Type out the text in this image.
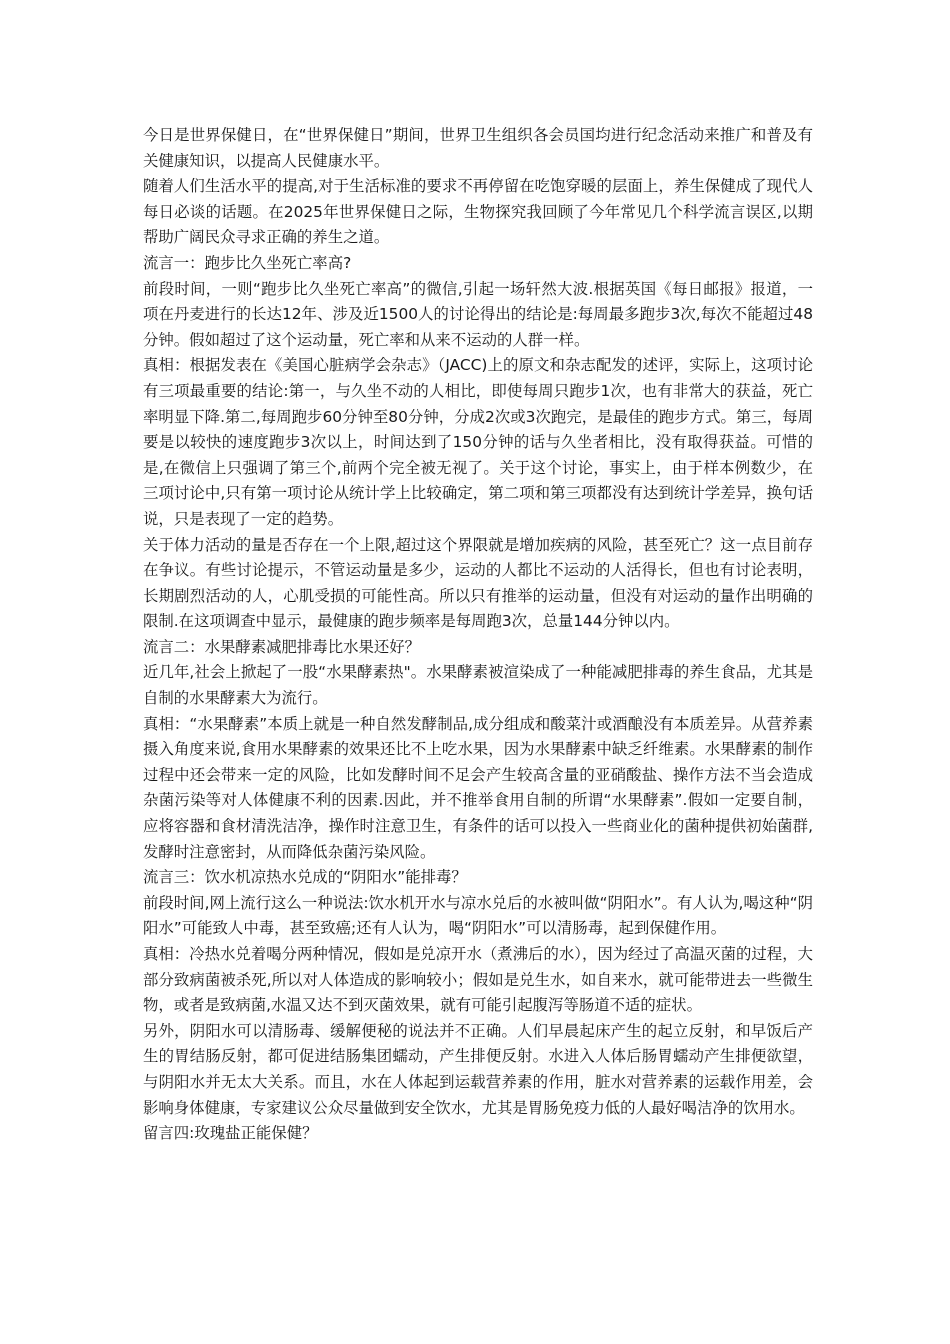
今日是世界保健日，在“世界保健日”期间，世界卫生组织各会员国均进行纪念活动来推广和普及有关健康知识，以提高人民健康水平。

随着人们生活水平的提高,对于生活标准的要求不再停留在吃饱穿暖的层面上，养生保健成了现代人每日必谈的话题。在2025年世界保健日之际，生物探究我回顾了今年常见几个科学流言误区,以期帮助广阔民众寻求正确的养生之道。

流言一：跑步比久坐死亡率高?

前段时间，一则“跑步比久坐死亡率高”的微信,引起一场轩然大波.根据英国《每日邮报》报道，一项在丹麦进行的长达12年、涉及近1500人的讨论得出的结论是:每周最多跑步3次,每次不能超过48分钟。假如超过了这个运动量，死亡率和从来不运动的人群一样。

真相：根据发表在《美国心脏病学会杂志》（JACC)上的原文和杂志配发的述评，实际上，这项讨论有三项最重要的结论:第一，与久坐不动的人相比，即使每周只跑步1次，也有非常大的获益，死亡率明显下降.第二,每周跑步60分钟至80分钟，分成2次或3次跑完，是最佳的跑步方式。第三，每周要是以较快的速度跑步3次以上，时间达到了150分钟的话与久坐者相比，没有取得获益。可惜的是,在微信上只强调了第三个,前两个完全被无视了。关于这个讨论，事实上，由于样本例数少，在三项讨论中,只有第一项讨论从统计学上比较确定，第二项和第三项都没有达到统计学差异，换句话说，只是表现了一定的趋势。

关于体力活动的量是否存在一个上限,超过这个界限就是增加疾病的风险，甚至死亡？这一点目前存在争议。有些讨论提示，不管运动量是多少，运动的人都比不运动的人活得长，但也有讨论表明，长期剧烈活动的人，心肌受损的可能性高。所以只有推举的运动量，但没有对运动的量作出明确的限制.在这项调查中显示，最健康的跑步频率是每周跑3次，总量144分钟以内。

流言二：水果酵素减肥排毒比水果还好？

近几年,社会上掀起了一股“水果酵素热"。水果酵素被渲染成了一种能减肥排毒的养生食品，尤其是自制的水果酵素大为流行。

真相：“水果酵素”本质上就是一种自然发酵制品,成分组成和酸菜汁或酒酿没有本质差异。从营养素摄入角度来说,食用水果酵素的效果还比不上吃水果，因为水果酵素中缺乏纤维素。水果酵素的制作过程中还会带来一定的风险，比如发酵时间不足会产生较高含量的亚硝酸盐、操作方法不当会造成杂菌污染等对人体健康不利的因素.因此，并不推举食用自制的所谓“水果酵素”.假如一定要自制，应将容器和食材清洗洁净，操作时注意卫生，有条件的话可以投入一些商业化的菌种提供初始菌群,发酵时注意密封，从而降低杂菌污染风险。

流言三：饮水机凉热水兑成的“阴阳水”能排毒？

前段时间,网上流行这么一种说法:饮水机开水与凉水兑后的水被叫做“阴阳水”。有人认为,喝这种“阴阳水”可能致人中毒，甚至致癌;还有人认为，喝“阴阳水”可以清肠毒，起到保健作用。

真相：冷热水兑着喝分两种情况，假如是兑凉开水（煮沸后的水），因为经过了高温灭菌的过程，大部分致病菌被杀死,所以对人体造成的影响较小；假如是兑生水，如自来水，就可能带进去一些微生物，或者是致病菌,水温又达不到灭菌效果，就有可能引起腹泻等肠道不适的症状。

另外，阴阳水可以清肠毒、缓解便秘的说法并不正确。人们早晨起床产生的起立反射，和早饭后产生的胃结肠反射，都可促进结肠集团蠕动，产生排便反射。水进入人体后肠胃蠕动产生排便欲望，与阴阳水并无太大关系。而且，水在人体起到运载营养素的作用，脏水对营养素的运载作用差，会影响身体健康，专家建议公众尽量做到安全饮水，尤其是胃肠免疫力低的人最好喝洁净的饮用水。

留言四:玫瑰盐正能保健？
